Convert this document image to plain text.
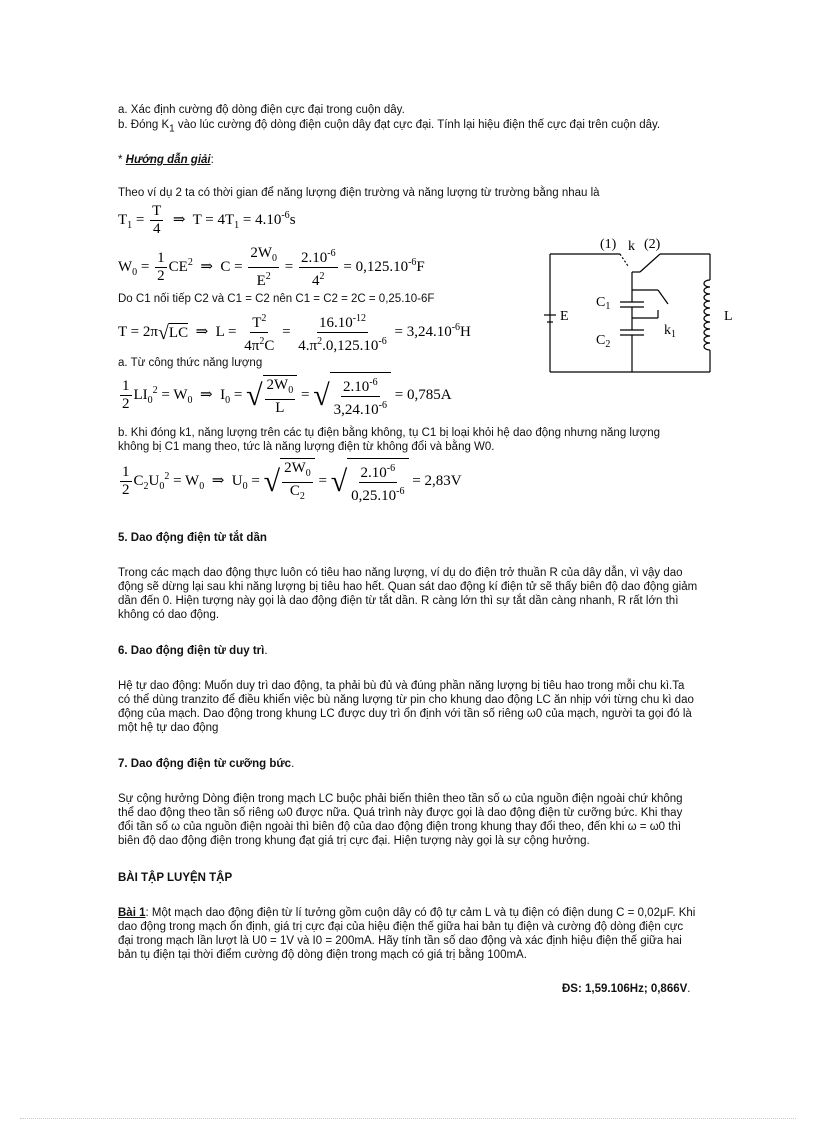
a. Xác định cường độ dòng điện cực đại trong cuộn dây.
b. Đóng $K_1$ vào lúc cường độ dòng điện cuộn dây đạt cực đại. Tính lại hiệu điện thế cực đại trên cuộn dây.
* Hướng dẫn giải:
Theo ví dụ 2 ta có thời gian để năng lượng điện trường và năng lượng từ trường bằng nhau là
$T_1 = \frac{T}{4}$ ⇒  $T = 4T_1 = 4.10^{-6}s$
$W_0 = \frac{1}{2} CE^2$  ⇒  $C = \frac{2W_0}{E^2} = \frac{2.10^{-6}}{4^2} = 0,125.10^{-6}F$
Do C1 nối tiếp C2 và C1 = C2 nên C1 = C2 = 2C = 0,25.10-6F
T = 2π √ LC ⇒  $L = \frac{T^2}{4\pi^2C} = \frac{16.10^{-12}}{4.\pi^2.0,125.10^{-6}} = 3,24.10^{-6}H$
a. Từ công thức năng lượng
$\frac{1}{2} LI_0^2 = W_0$  ⇒  $I_0$ = √ $\frac{2W_0}{L}$ = √ $\frac{2.10^{-6}}{3,24.10^{-6}} = 0,785A$
b. Khi đóng k1, năng lượng trên các tụ điện bằng không, tụ C1 bị loại khỏi hệ dao động nhưng năng lượng
không bị C1 mang theo, tức là năng lượng điện từ không đổi và bằng W0.
$\frac{1}{2} C_2U_0^2 = W_0$  ⇒  $U_0$ = √ $\frac{2W_0}{C_2}$ = √ $\frac{2.10^{-6}}{0,25.10^{-6}} = 2,83V$
(1) k (2)
E
$C_1$
$C_2$
$k_1$
L
5. Dao động điện từ tắt dần
Trong các mạch dao động thực luôn có tiêu hao năng lượng, ví dụ do điện trở thuần R của dây dẫn, vì vậy dao động sẽ dừng lại sau khi năng lượng bị tiêu hao hết. Quan sát dao động kí điện tử sẽ thấy biên độ dao động giảm dần đến 0. Hiện tượng này gọi là dao động điện từ tắt dần. R càng lớn thì sự tắt dần càng nhanh, R rất lớn thì không có dao động.
6. Dao động điện từ duy trì.
Hệ tự dao động: Muốn duy trì dao động, ta phải bù đủ và đúng phần năng lượng bị tiêu hao trong mỗi chu kì.Ta có thể dùng tranzito để điều khiển việc bù năng lượng từ pin cho khung dao động LC ăn nhịp với từng chu kì dao động của mạch. Dao động trong khung LC được duy trì ổn định với tần số riêng ω0 của mạch, người ta gọi đó là một hệ tự dao động
7. Dao động điện từ cưỡng bức.
Sự cộng hưởng Dòng điện trong mạch LC buộc phải biến thiên theo tần số ω của nguồn điện ngoài chứ không thể dao động theo tần số riêng ω0 được nữa. Quá trình này được gọi là dao động điện từ cưỡng bức. Khi thay đổi tần số ω của nguồn điện ngoài thì biên độ của dao động điện trong khung thay đổi theo, đến khi ω = ω0 thì biên độ dao động điện trong khung đạt giá trị cực đại. Hiện tượng này gọi là sự cộng hưởng.
BÀI TẬP LUYỆN TẬP
Bài 1: Một mạch dao động điện từ lí tưởng gồm cuộn dây có độ tự cảm L và tụ điện có điện dung C = 0,02μF. Khi dao động trong mạch ổn định, giá trị cực đại của hiệu điện thế giữa hai bản tụ điện và cường độ dòng điện cực đại trong mạch lần lượt là U0 = 1V và I0 = 200mA. Hãy tính tần số dao động và xác định hiệu điện thế giữa hai bản tụ điện tại thời điểm cường độ dòng điện trong mạch có giá trị bằng 100mA.
ĐS: 1,59.106Hz; 0,866V.
